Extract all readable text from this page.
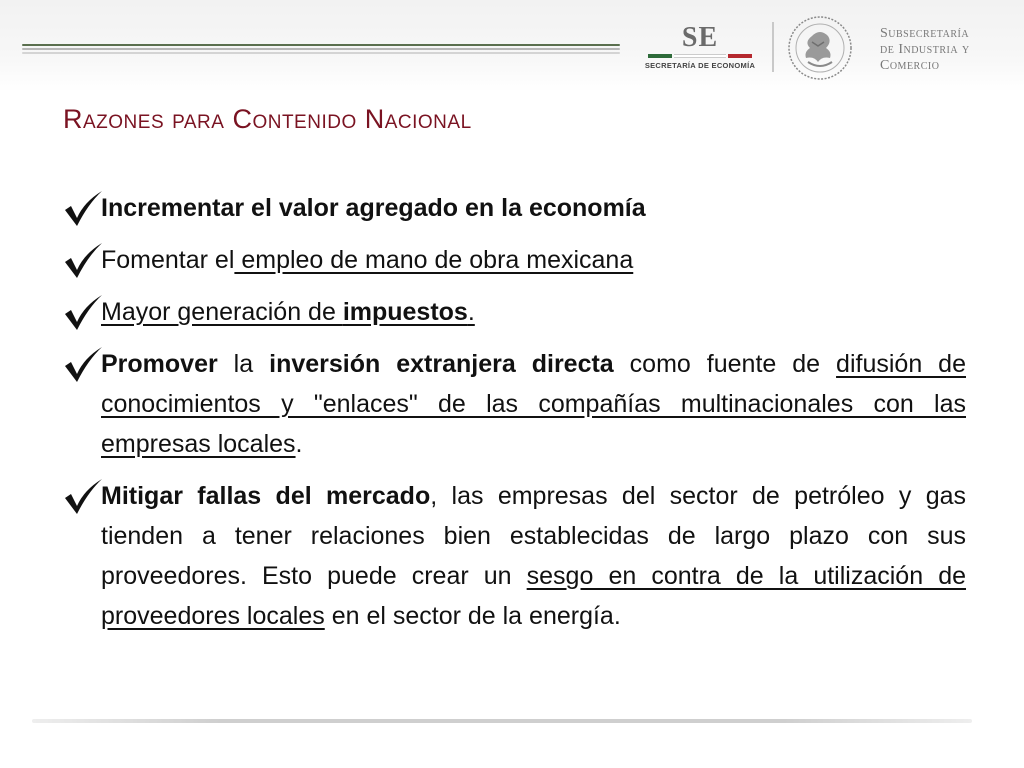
SE
SECRETARÍA DE ECONOMÍA
Subsecretaría
de Industria y
Comercio
Razones para Contenido Nacional
Incrementar el valor agregado en la economía
Fomentar el empleo de mano de obra mexicana
Mayor generación de impuestos.
Promover la inversión extranjera directa como fuente de difusión de conocimientos y "enlaces" de las compañías multinacionales con las empresas locales.
Mitigar fallas del mercado, las empresas del sector de petróleo y gas tienden a tener relaciones bien establecidas de largo plazo con sus proveedores. Esto puede crear un sesgo en contra de la utilización de proveedores locales en el sector de la energía.
